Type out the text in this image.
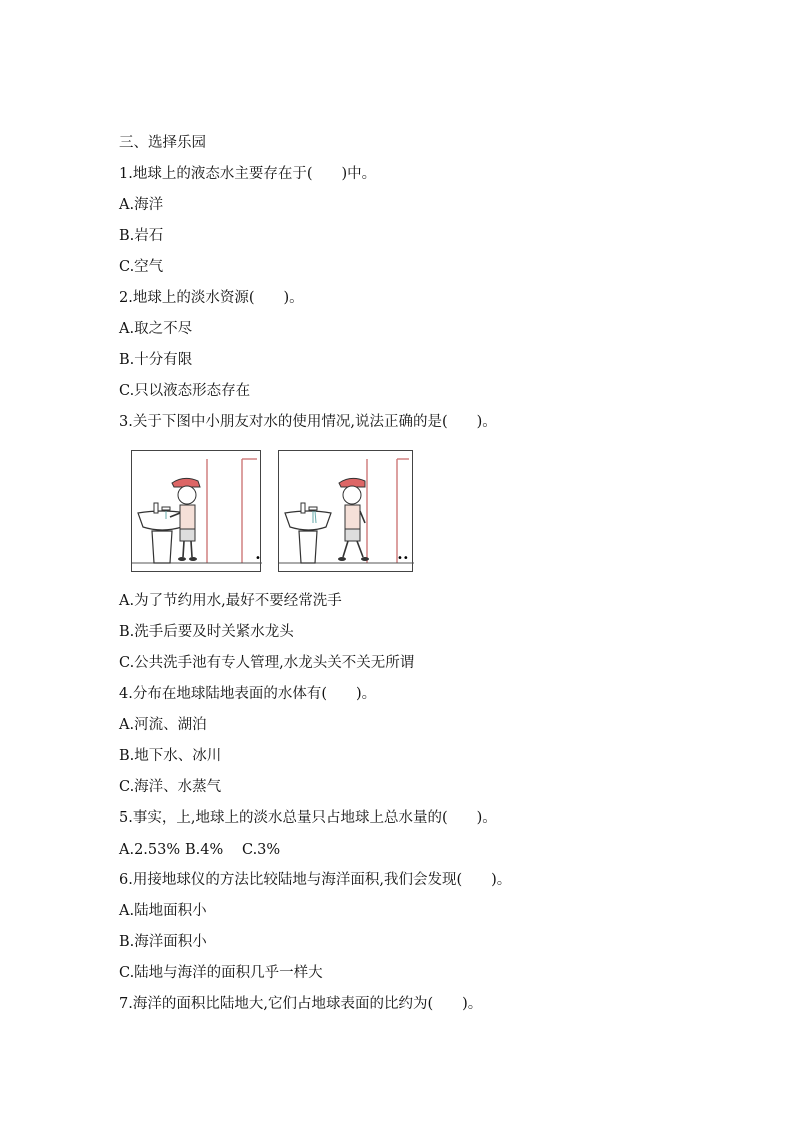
三、选择乐园
1.地球上的液态水主要存在于(　　)中。
A.海洋
B.岩石
C.空气
2.地球上的淡水资源(　　)。
A.取之不尽
B.十分有限
C.只以液态形态存在
3.关于下图中小朋友对水的使用情况,说法正确的是(　　)。
•	••
A.为了节约用水,最好不要经常洗手
B.洗手后要及时关紧水龙头
C.公共洗手池有专人管理,水龙头关不关无所谓
4.分布在地球陆地表面的水体有(　　)。
A.河流、湖泊
B.地下水、冰川
C.海洋、水蒸气
5.事实，上,地球上的淡水总量只占地球上总水量的(　　)。
A.2.53% B.4% C.3%
6.用接地球仪的方法比较陆地与海洋面积,我们会发现(　　)。
A.陆地面积小
B.海洋面积小
C.陆地与海洋的面积几乎一样大
7.海洋的面积比陆地大,它们占地球表面的比约为(　　)。
